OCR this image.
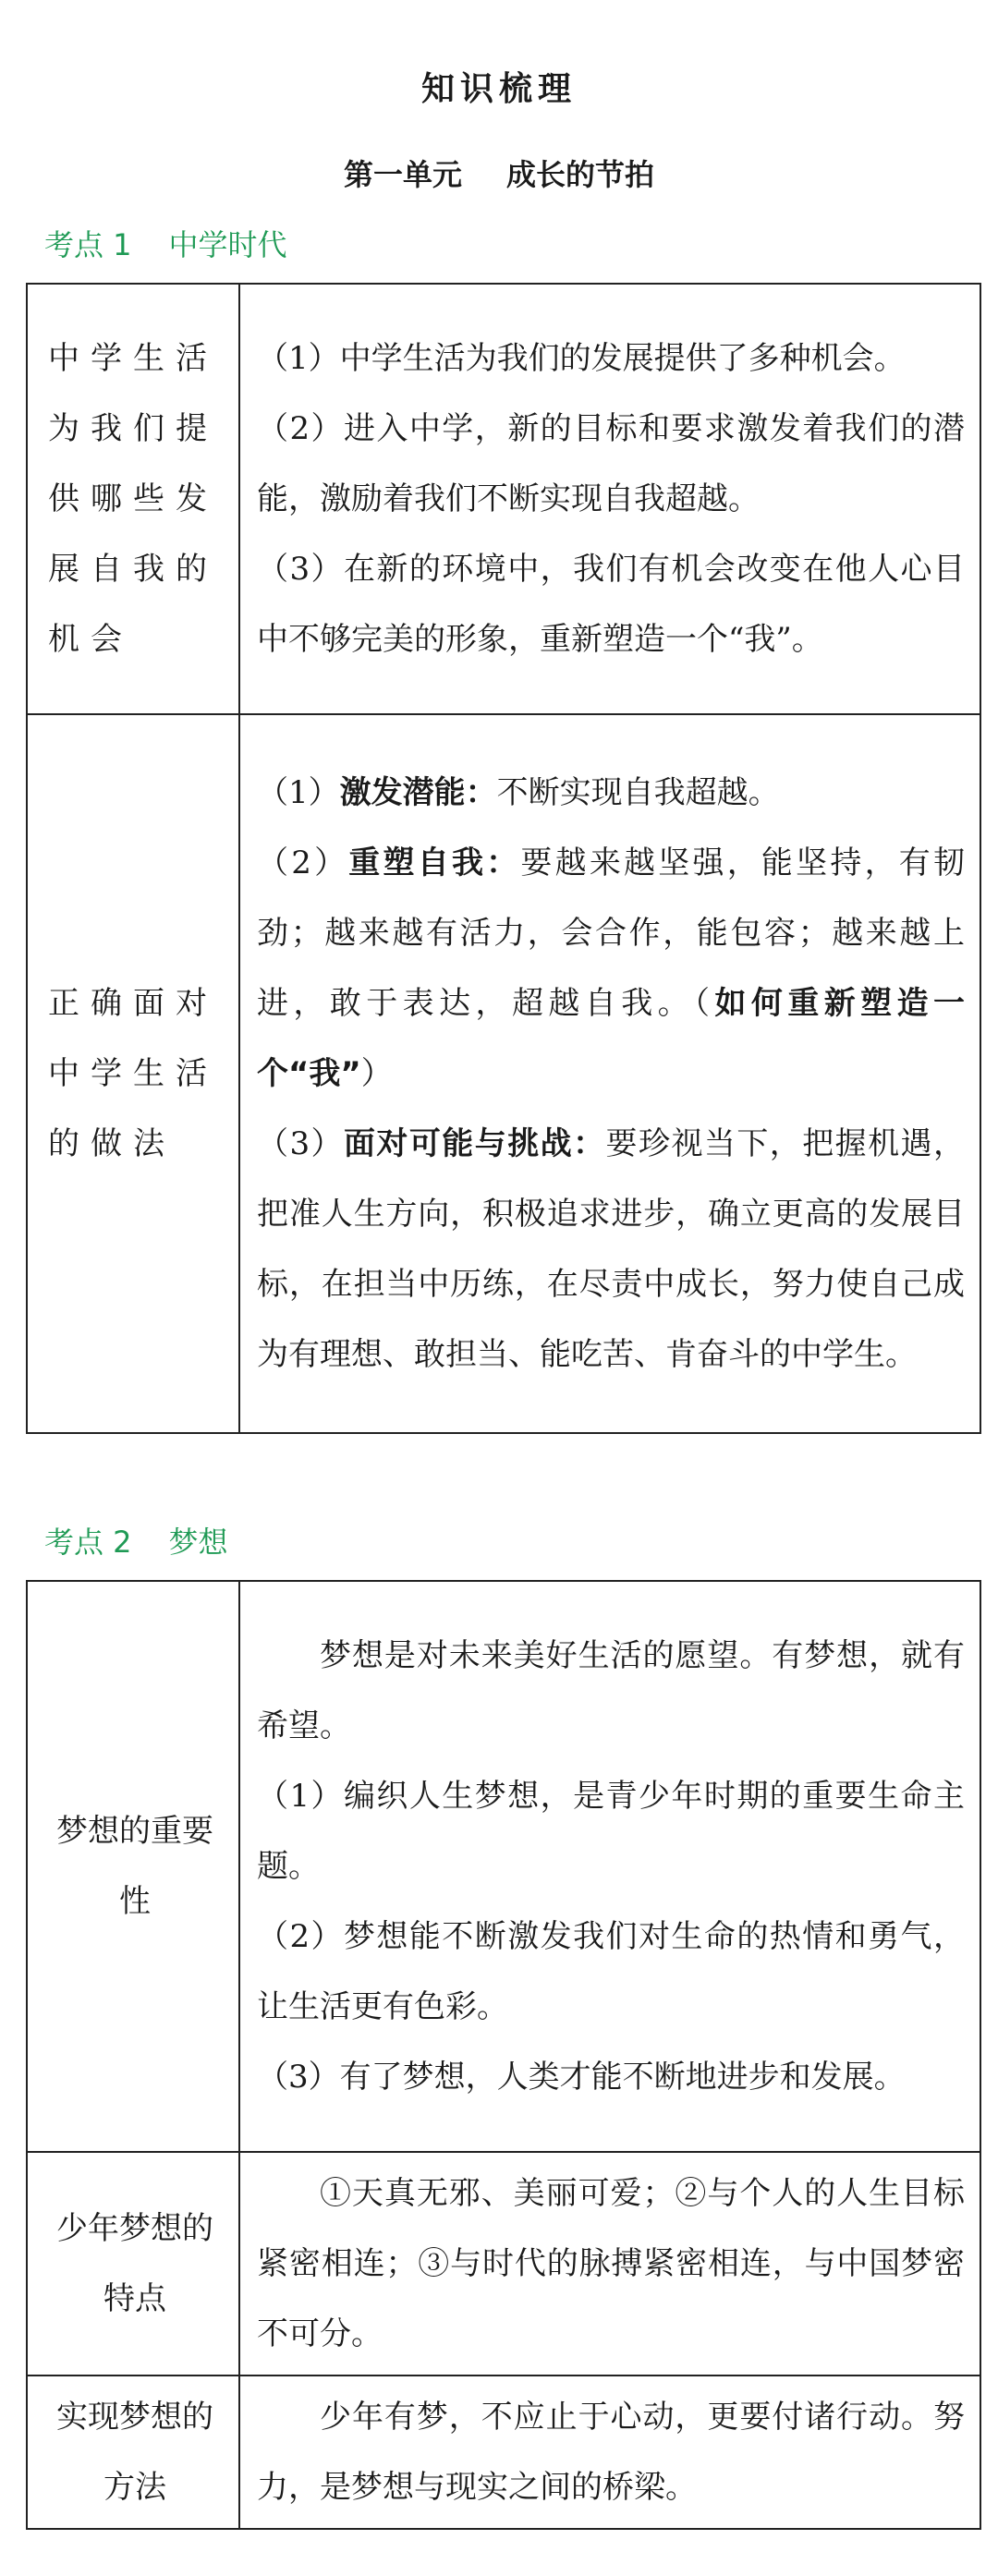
知识梳理
第一单元 成长的节拍
考点 1 中学时代
中学生活为我们提供哪些发展自我的机会	（1）中学生活为我们的发展提供了多种机会。

（2）进入中学，新的目标和要求激发着我们的潜能，激励着我们不断实现自我超越。

（3）在新的环境中，我们有机会改变在他人心目中不够完美的形象，重新塑造一个“我”。

正确面对中学生活的做法	（1）激发潜能：不断实现自我超越。

（2）重塑自我：要越来越坚强，能坚持，有韧劲；越来越有活力，会合作，能包容；越来越上进，敢于表达，超越自我。（如何重新塑造一个“我”）

（3）面对可能与挑战：要珍视当下，把握机遇，把准人生方向，积极追求进步，确立更高的发展目标，在担当中历练，在尽责中成长，努力使自己成为有理想、敢担当、能吃苦、肯奋斗的中学生。

考点 2 梦想
梦想的重要性	梦想是对未来美好生活的愿望。有梦想，就有希望。

（1）编织人生梦想，是青少年时期的重要生命主题。

（2）梦想能不断激发我们对生命的热情和勇气，让生活更有色彩。

（3）有了梦想，人类才能不断地进步和发展。

少年梦想的特点	①天真无邪、美丽可爱；②与个人的人生目标紧密相连；③与时代的脉搏紧密相连，与中国梦密不可分。

实现梦想的方法	少年有梦，不应止于心动，更要付诸行动。努力，是梦想与现实之间的桥梁。
